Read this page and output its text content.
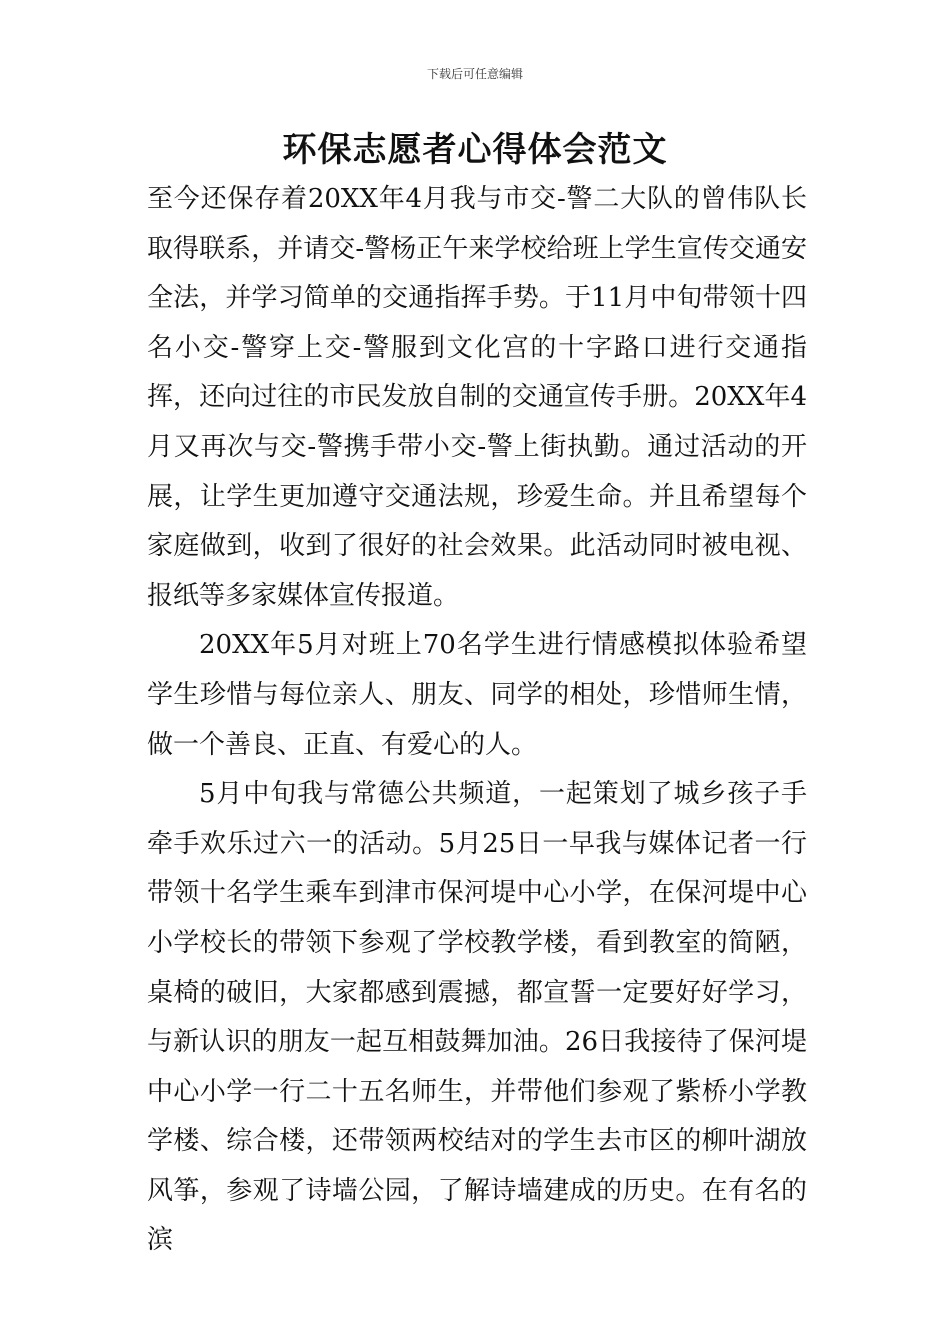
下载后可任意编辑
环保志愿者心得体会范文

至今还保存着20XX年4月我与市交-警二大队的曾伟队长取得联系，并请交-警杨正午来学校给班上学生宣传交通安全法，并学习简单的交通指挥手势。于11月中旬带领十四名小交-警穿上交-警服到文化宫的十字路口进行交通指挥，还向过往的市民发放自制的交通宣传手册。20XX年4月又再次与交-警携手带小交-警上街执勤。通过活动的开展，让学生更加遵守交通法规，珍爱生命。并且希望每个家庭做到，收到了很好的社会效果。此活动同时被电视、报纸等多家媒体宣传报道。

20XX年5月对班上70名学生进行情感模拟体验希望学生珍惜与每位亲人、朋友、同学的相处，珍惜师生情，做一个善良、正直、有爱心的人。

5月中旬我与常德公共频道，一起策划了城乡孩子手牵手欢乐过六一的活动。5月25日一早我与媒体记者一行带领十名学生乘车到津市保河堤中心小学，在保河堤中心小学校长的带领下参观了学校教学楼，看到教室的简陋，桌椅的破旧，大家都感到震撼，都宣誓一定要好好学习，与新认识的朋友一起互相鼓舞加油。26日我接待了保河堤中心小学一行二十五名师生，并带他们参观了紫桥小学教学楼、综合楼，还带领两校结对的学生去市区的柳叶湖放风筝，参观了诗墙公园，了解诗墙建成的历史。在有名的滨
